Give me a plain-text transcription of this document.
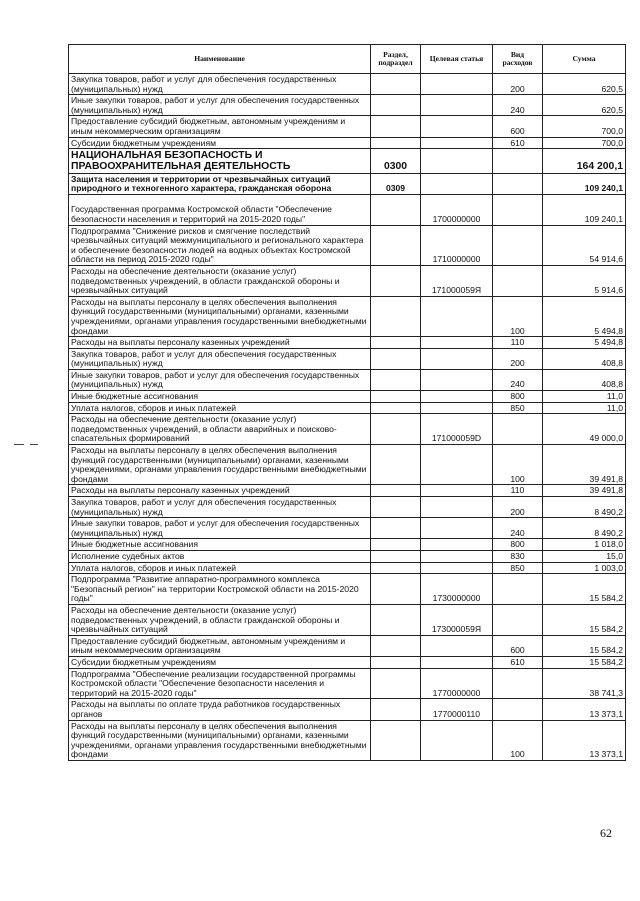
Наименование	Раздел, подраздел	Целевая статья	Вид расходов	Сумма
Закупка товаров, работ и услуг для обеспечения государственных (муниципальных) нужд			200	620,5
Иные закупки товаров, работ и услуг для обеспечения государственных (муниципальных) нужд			240	620,5
Предоставление субсидий бюджетным, автономным учреждениям и иным некоммерческим организациям			600	700,0
Субсидии бюджетным учреждениям			610	700,0
НАЦИОНАЛЬНАЯ БЕЗОПАСНОСТЬ И ПРАВООХРАНИТЕЛЬНАЯ ДЕЯТЕЛЬНОСТЬ	0300			164 200,1
Защита населения и территории от чрезвычайных ситуаций природного и техногенного характера, гражданская оборона	0309			109 240,1
Государственная программа Костромской области "Обеспечение безопасности населения и территорий на 2015-2020 годы"		1700000000		109 240,1
Подпрограмма "Снижение рисков и смягчение последствий чрезвычайных ситуаций межмуниципального и регионального характера и обеспечение безопасности людей на водных объектах Костромской области на период 2015-2020 годы"		1710000000		54 914,6
Расходы на обеспечение деятельности (оказание услуг) подведомственных учреждений, в области гражданской обороны и чрезвычайных ситуаций		171000059Я		5 914,6
Расходы на выплаты персоналу в целях обеспечения выполнения функций государственными (муниципальными) органами, казенными учреждениями, органами управления государственными внебюджетными фондами			100	5 494,8
Расходы на выплаты персоналу казенных учреждений			110	5 494,8
Закупка товаров, работ и услуг для обеспечения государственных (муниципальных) нужд			200	408,8
Иные закупки товаров, работ и услуг для обеспечения государственных (муниципальных) нужд			240	408,8
Иные бюджетные ассигнования			800	11,0
Уплата налогов, сборов и иных платежей			850	11,0
Расходы на обеспечение деятельности (оказание услуг) подведомственных учреждений, в области аварийных и поисково-спасательных формирований		171000059D		49 000,0
Расходы на выплаты персоналу в целях обеспечения выполнения функций государственными (муниципальными) органами, казенными учреждениями, органами управления государственными внебюджетными фондами			100	39 491,8
Расходы на выплаты персоналу казенных учреждений			110	39 491,8
Закупка товаров, работ и услуг для обеспечения государственных (муниципальных) нужд			200	8 490,2
Иные закупки товаров, работ и услуг для обеспечения государственных (муниципальных) нужд			240	8 490,2
Иные бюджетные ассигнования			800	1 018,0
Исполнение судебных актов			830	15,0
Уплата налогов, сборов и иных платежей			850	1 003,0
Подпрограмма "Развитие аппаратно-программного комплекса "Безопасный регион" на территории Костромской области на 2015-2020 годы"		1730000000		15 584,2
Расходы на обеспечение деятельности (оказание услуг) подведомственных учреждений, в области гражданской обороны и чрезвычайных ситуаций		173000059Я		15 584,2
Предоставление субсидий бюджетным, автономным учреждениям и иным некоммерческим организациям			600	15 584,2
Субсидии бюджетным учреждениям			610	15 584,2
Подпрограмма "Обеспечение реализации государственной программы Костромской области "Обеспечение безопасности населения и территорий на 2015-2020 годы"		1770000000		38 741,3
Расходы на выплаты по оплате труда работников государственных органов		1770000110		13 373,1
Расходы на выплаты персоналу в целях обеспечения выполнения функций государственными (муниципальными) органами, казенными учреждениями, органами управления государственными внебюджетными фондами			100	13 373,1
62
